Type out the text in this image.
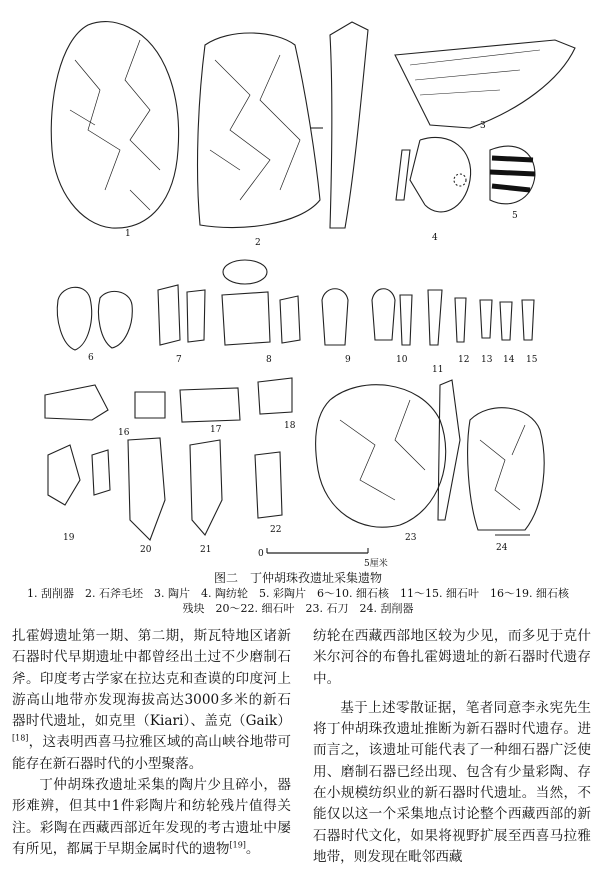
1
2
3
4
5
6	7	8	9	10
11
12 13 14 15
16	17	18
19
20	21
22
23
24
0
5厘米
图二　丁仲胡珠孜遗址采集遗物
1. 刮削器　2. 石斧毛坯　3. 陶片　4. 陶纺轮　5. 彩陶片　6～10. 细石核　11～15. 细石叶　16～19. 细石核
残块　20～22. 细石叶　23. 石刀　24. 刮削器

扎霍姆遗址第一期、第二期，斯瓦特地区诸新石器时代早期遗址中都曾经出土过不少磨制石斧。印度考古学家在拉达克和查谟的印度河上游高山地带亦发现海拔高达3000多米的新石器时代遗址，如克里（Kiari）、盖克（Gaik）[18]，这表明西喜马拉雅区域的高山峡谷地带可能存在新石器时代的小型聚落。

丁仲胡珠孜遗址采集的陶片少且碎小，器形难辨，但其中1件彩陶片和纺轮残片值得关注。彩陶在西藏西部近年发现的考古遗址中屡有所见，都属于早期金属时代的遗物[19]。

纺轮在西藏西部地区较为少见，而多见于克什米尔河谷的布鲁扎霍姆遗址的新石器时代遗存中。

基于上述零散证据，笔者同意李永宪先生将丁仲胡珠孜遗址推断为新石器时代遗存。进而言之，该遗址可能代表了一种细石器广泛使用、磨制石器已经出现、包含有少量彩陶、存在小规模纺织业的新石器时代遗址。当然，不能仅以这一个采集地点讨论整个西藏西部的新石器时代文化，如果将视野扩展至西喜马拉雅地带，则发现在毗邻西藏
